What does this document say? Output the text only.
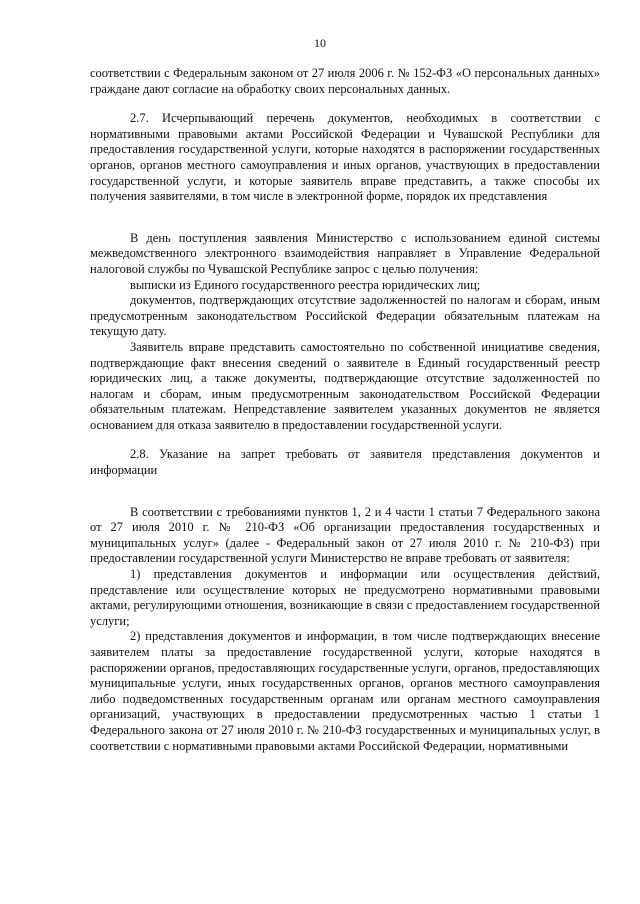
10

соответствии с Федеральным законом от 27 июля 2006 г. № 152-ФЗ «О персональных данных» граждане дают согласие на обработку своих персональных данных.

2.7. Исчерпывающий перечень документов, необходимых в соответствии с нормативными правовыми актами Российской Федерации и Чувашской Республики для предоставления государственной услуги, которые находятся в распоряжении государственных органов, органов местного самоуправления и иных органов, участвующих в предоставлении государственной услуги, и которые заявитель вправе представить, а также способы их получения заявителями, в том числе в электронной форме, порядок их представления

В день поступления заявления Министерство с использованием единой системы межведомственного электронного взаимодействия направляет в Управление Федеральной налоговой службы по Чувашской Республике запрос с целью получения:

выписки из Единого государственного реестра юридических лиц;

документов, подтверждающих отсутствие задолженностей по налогам и сборам, иным предусмотренным законодательством Российской Федерации обязательным платежам на текущую дату.

Заявитель вправе представить самостоятельно по собственной инициативе сведения, подтверждающие факт внесения сведений о заявителе в Единый государственный реестр юридических лиц, а также документы, подтверждающие отсутствие задолженностей по налогам и сборам, иным предусмотренным законодательством Российской Федерации обязательным платежам. Непредставление заявителем указанных документов не является основанием для отказа заявителю в предоставлении государственной услуги.

2.8. Указание на запрет требовать от заявителя представления документов и информации

В соответствии с требованиями пунктов 1, 2 и 4 части 1 статьи 7 Федерального закона от 27 июля 2010 г. № 210-ФЗ «Об организации предоставления государственных и муниципальных услуг» (далее - Федеральный закон от 27 июля 2010 г. № 210-ФЗ) при предоставлении государственной услуги Министерство не вправе требовать от заявителя:

1) представления документов и информации или осуществления действий, представление или осуществление которых не предусмотрено нормативными правовыми актами, регулирующими отношения, возникающие в связи с предоставлением государственной услуги;

2) представления документов и информации, в том числе подтверждающих внесение заявителем платы за предоставление государственной услуги, которые находятся в распоряжении органов, предоставляющих государственные услуги, органов, предоставляющих муниципальные услуги, иных государственных органов, органов местного самоуправления либо подведомственных государственным органам или органам местного самоуправления организаций, участвующих в предоставлении предусмотренных частью 1 статьи 1 Федерального закона от 27 июля 2010 г. № 210-ФЗ государственных и муниципальных услуг, в соответствии с нормативными правовыми актами Российской Федерации, нормативными
